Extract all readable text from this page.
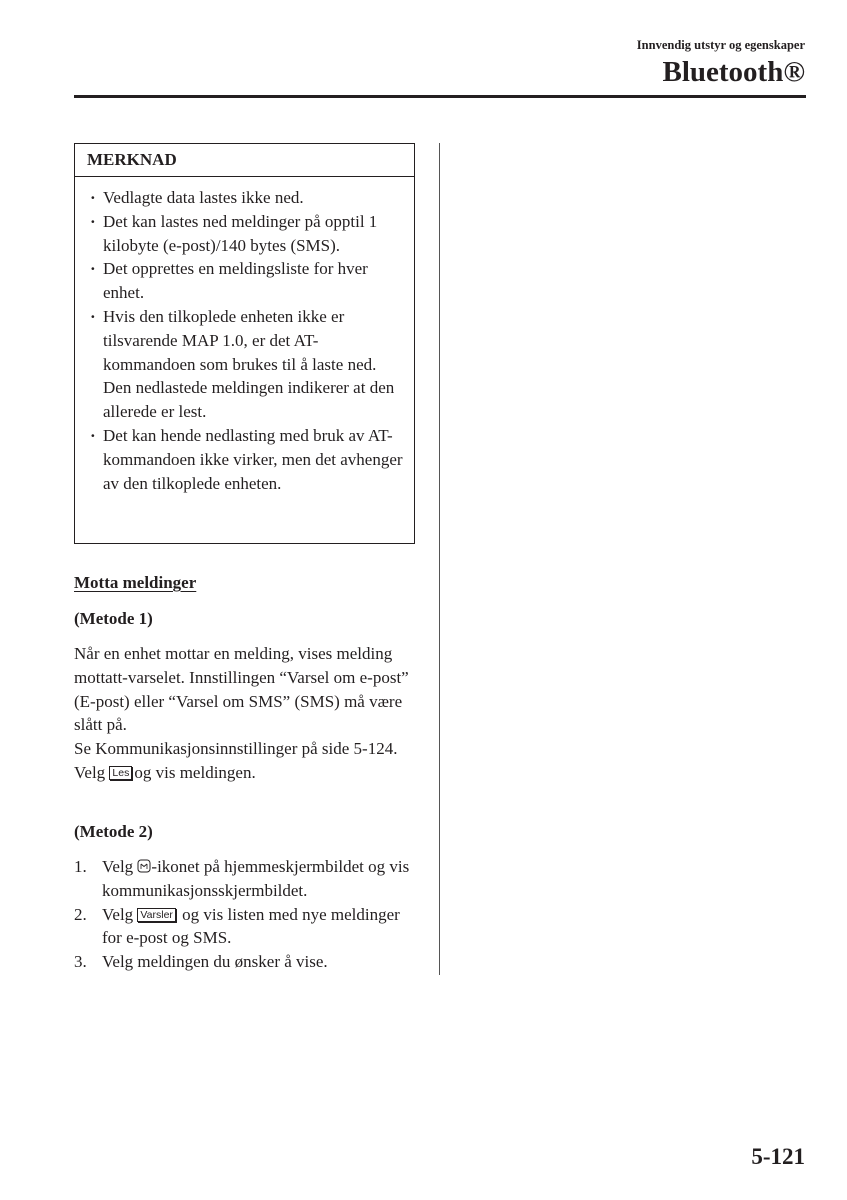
Innvendig utstyr og egenskaper
Bluetooth®
MERKNAD
· Vedlagte data lastes ikke ned.
· Det kan lastes ned meldinger på opptil 1 kilobyte (e-post)/140 bytes (SMS).
· Det opprettes en meldingsliste for hver enhet.
· Hvis den tilkoplede enheten ikke er tilsvarende MAP 1.0, er det AT-kommandoen som brukes til å laste ned. Den nedlastede meldingen indikerer at den allerede er lest.
· Det kan hende nedlasting med bruk av AT-kommandoen ikke virker, men det avhenger av den tilkoplede enheten.
Motta meldinger
(Metode 1)

Når en enhet mottar en melding, vises melding mottatt-varselet. Innstillingen “Varsel om e-post” (E-post) eller “Varsel om SMS” (SMS) må være slått på.

Se Kommunikasjonsinnstillinger på side 5-124.

Velg Les og vis meldingen.

(Metode 2)
1. Velg -ikonet på hjemmeskjermbildet og vis kommunikasjonsskjermbildet.
2. Velg Varsler og vis listen med nye meldinger for e-post og SMS.
3. Velg meldingen du ønsker å vise.
5-121
